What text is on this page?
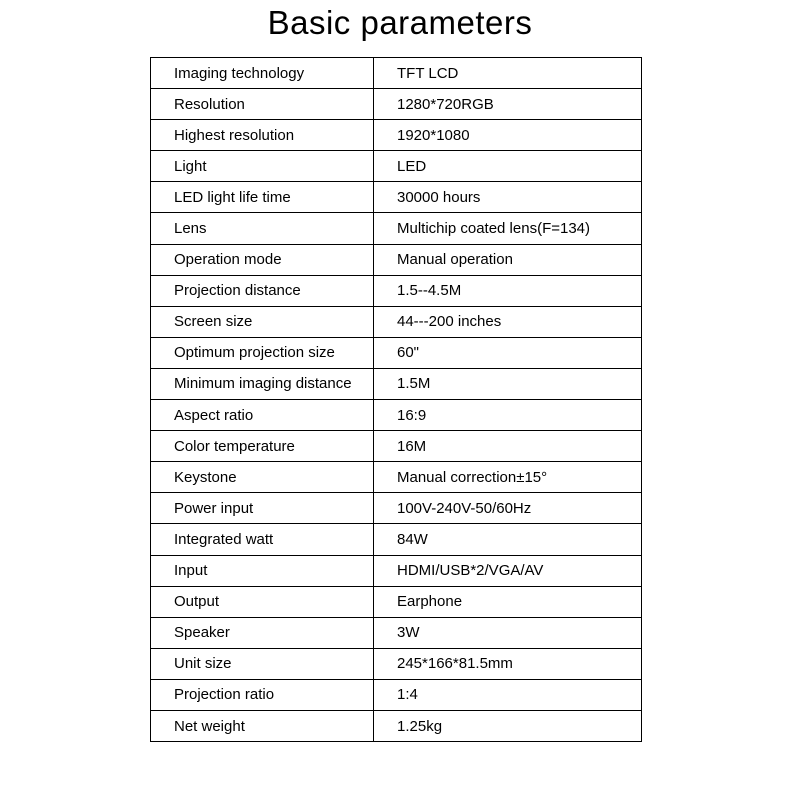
Basic parameters
Imaging technology	TFT LCD
Resolution	1280*720RGB
Highest resolution	1920*1080
Light	LED
LED light life time	30000 hours
Lens	Multichip coated lens(F=134)
Operation mode	Manual operation
Projection distance	1.5--4.5M
Screen size	44---200 inches
Optimum projection size	60"
Minimum imaging distance	1.5M
Aspect ratio	16:9
Color temperature	16M
Keystone	Manual correction±15°
Power input	100V-240V-50/60Hz
Integrated watt	84W
Input	HDMI/USB*2/VGA/AV
Output	Earphone
Speaker	3W
Unit size	245*166*81.5mm
Projection ratio	1:4
Net weight	1.25kg
